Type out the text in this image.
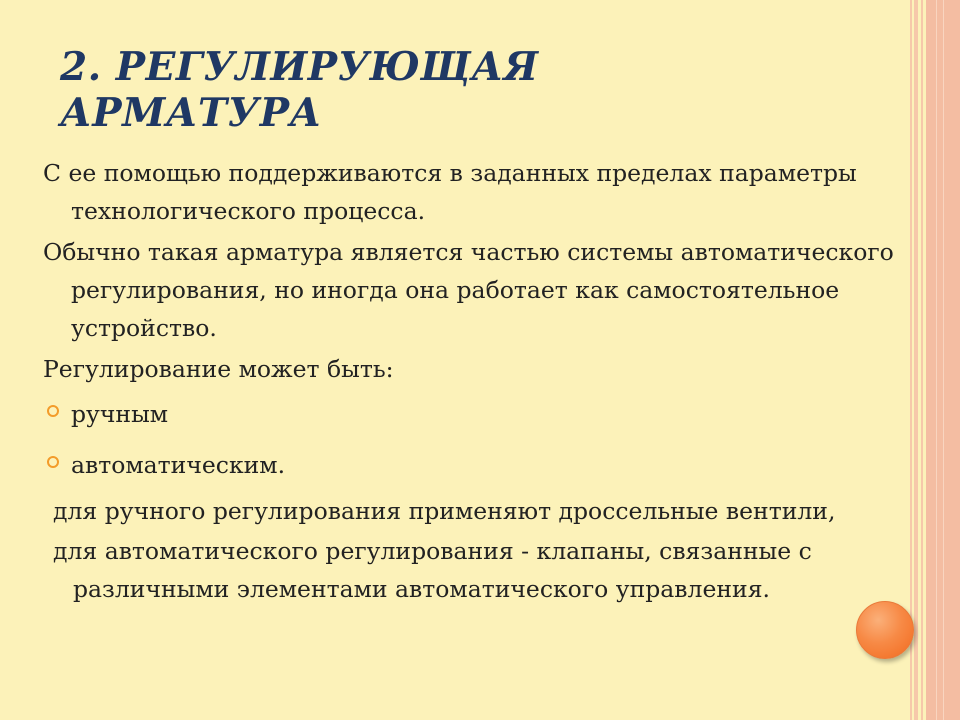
2. РЕГУЛИРУЮЩАЯ АРМАТУРА

С ее помощью поддерживаются в заданных пределах параметры технологического процесса.

Обычно такая арматура является частью системы автоматического регулирования, но иногда она работает как самостоятельное устройство.

Регулирование может быть:

ручным
автоматическим.
для ручного регулирования применяют дроссельные вентили,
для автоматического регулирования - клапаны, связанные с различными элементами автоматического управления.
